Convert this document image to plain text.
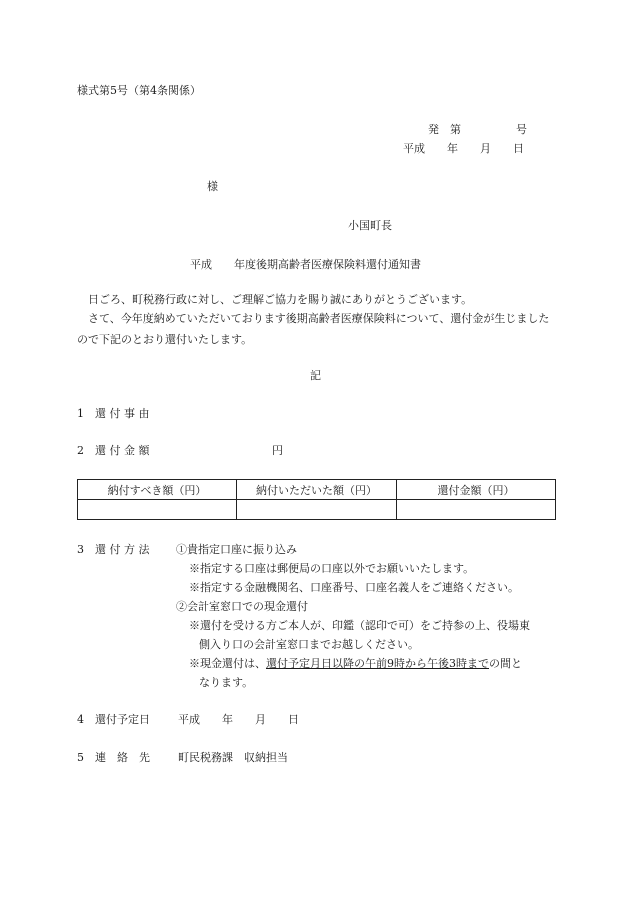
様式第5号（第4条関係）
発　第　　　　　号
平成　　年　　月　　日
様
小国町長
平成　　年度後期高齢者医療保険料還付通知書
日ごろ、町税務行政に対し、ご理解ご協力を賜り誠にありがとうございます。
さて、今年度納めていただいております後期高齢者医療保険料について、還付金が生じましたので下記のとおり還付いたします。
記
1 還 付 事 由
2 還 付 金 額	円
納付すべき額（円）	納付いただいた額（円）	還付金額（円）

3 還 付 方 法 ①貴指定口座に振り込み
※指定する口座は郵便局の口座以外でお願いいたします。
※指定する金融機関名、口座番号、口座名義人をご連絡ください。
②会計室窓口での現金還付
※還付を受ける方ご本人が、印鑑（認印で可）をご持参の上、役場東
側入り口の会計室窓口までお越しください。
※現金還付は、還付予定月日以降の午前9時から午後3時までの間と
なります。
4 還付予定日	平成　　年　　月　　日
5 連　絡　先	町民税務課　収納担当
